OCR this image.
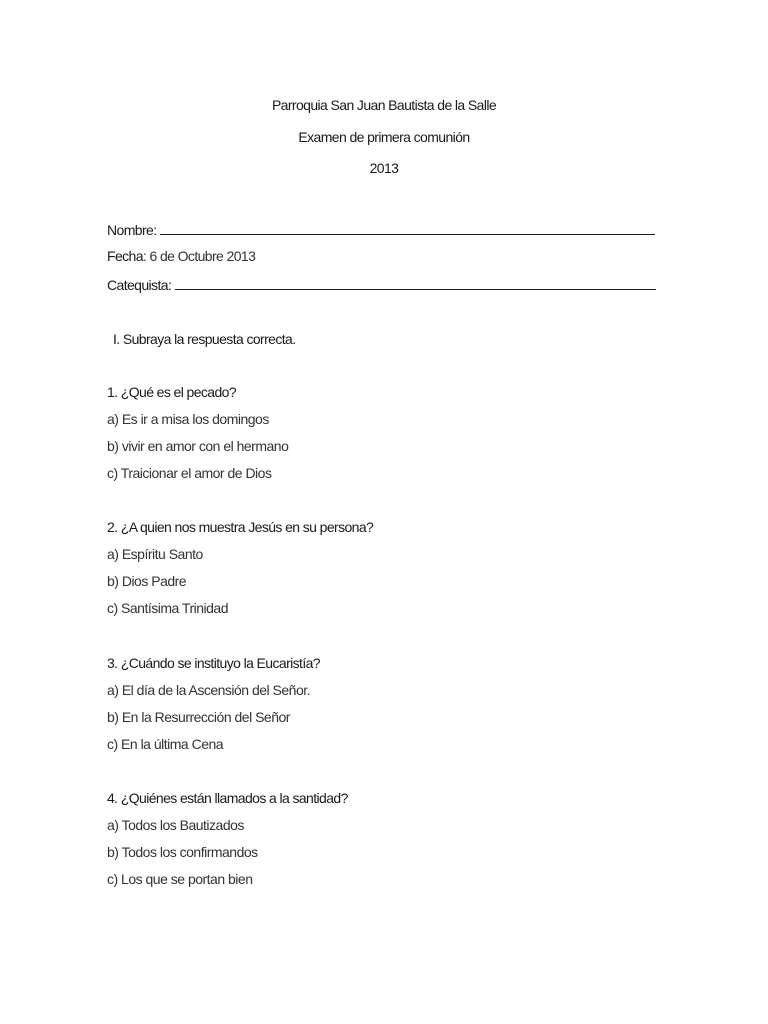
Parroquia San Juan Bautista de la Salle
Examen de primera comunión
2013
Nombre:
Fecha: 6 de Octubre 2013
Catequista:
I. Subraya la respuesta correcta.
1. ¿Qué es el pecado?
a) Es ir a misa los domingos
b) vivir en amor con el hermano
c) Traicionar el amor de Dios
2. ¿A quien nos muestra Jesús en su persona?
a) Espíritu Santo
b) Dios Padre
c) Santísima Trinidad
3. ¿Cuándo se instituyo la Eucaristía?
a) El día de la Ascensión del Señor.
b) En la Resurrección del Señor
c) En la última Cena
4. ¿Quiénes están llamados a la santidad?
a) Todos los Bautizados
b) Todos los confirmandos
c) Los que se portan bien
